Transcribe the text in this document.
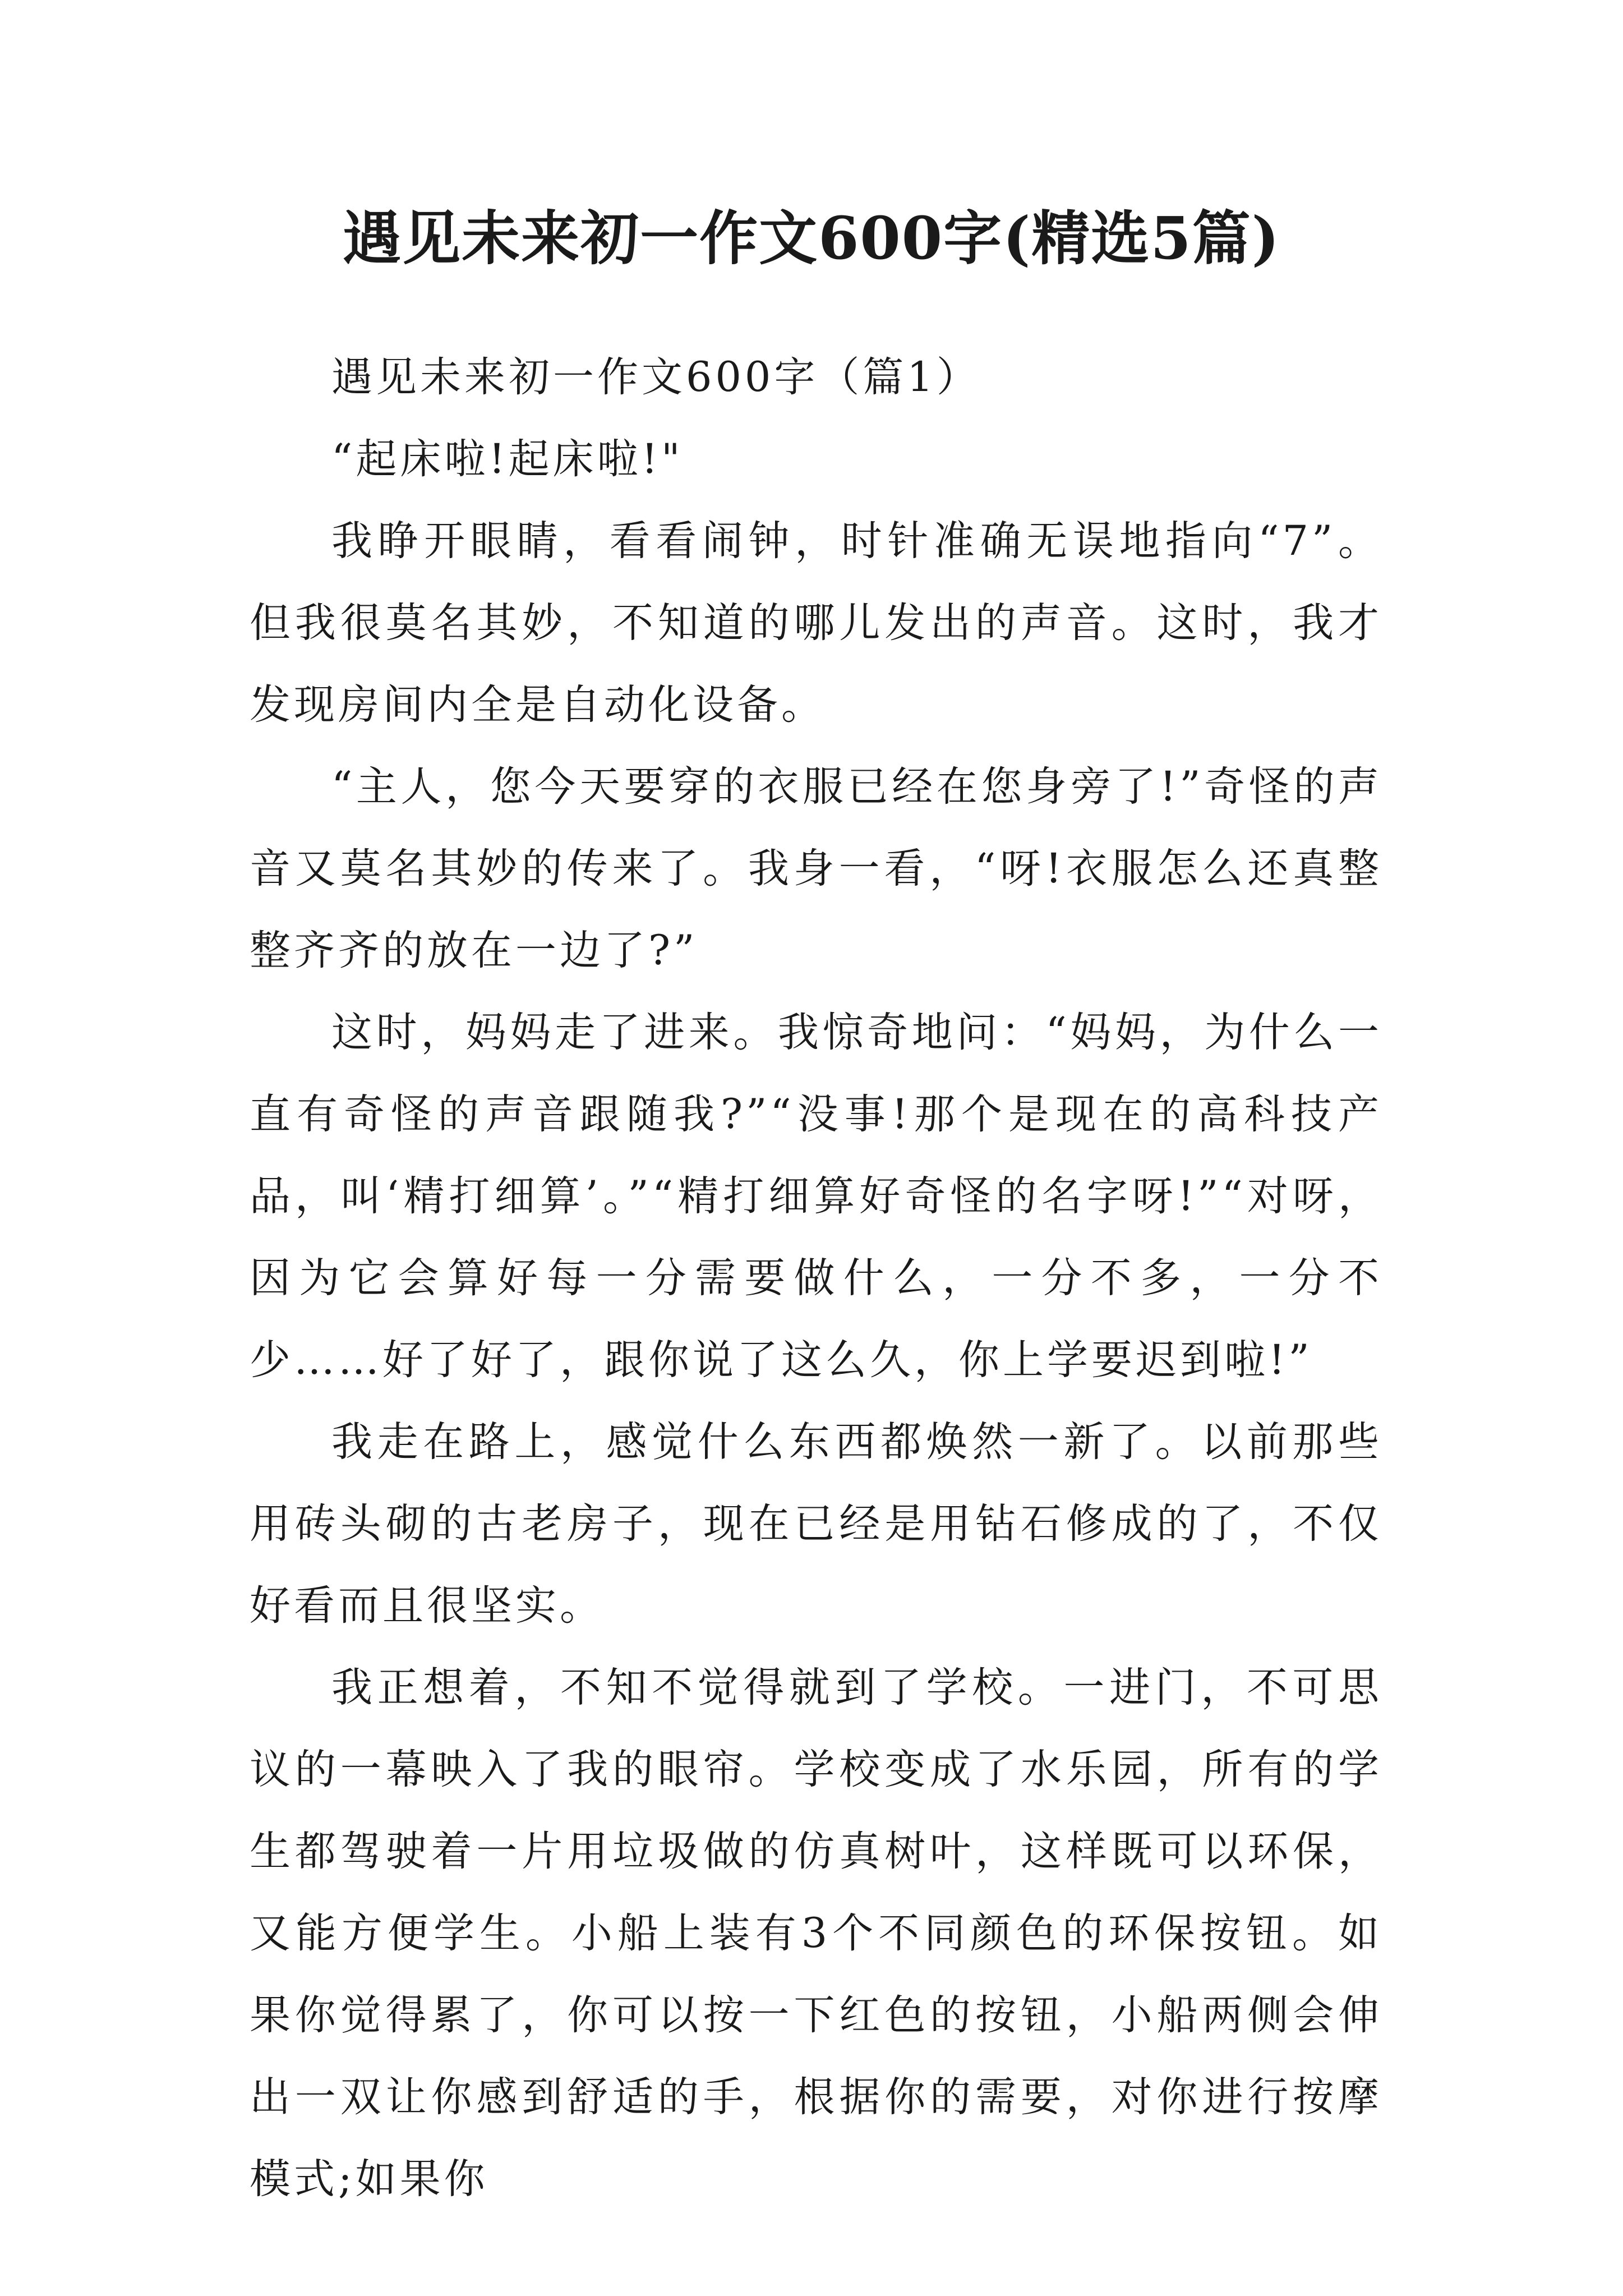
遇见未来初一作文600字(精选5篇)

遇见未来初一作文600字（篇1）

“起床啦!起床啦!"

我睁开眼睛，看看闹钟，时针准确无误地指向“7”。但我很莫名其妙，不知道的哪儿发出的声音。这时，我才发现房间内全是自动化设备。

“主人，您今天要穿的衣服已经在您身旁了!”奇怪的声音又莫名其妙的传来了。我身一看，“呀!衣服怎么还真整整齐齐的放在一边了?”

这时，妈妈走了进来。我惊奇地问：“妈妈，为什么一直有奇怪的声音跟随我?”“没事!那个是现在的高科技产品，叫‘精打细算’。”“精打细算好奇怪的名字呀!”“对呀，因为它会算好每一分需要做什么，一分不多，一分不少……好了好了，跟你说了这么久，你上学要迟到啦!”

我走在路上，感觉什么东西都焕然一新了。以前那些用砖头砌的古老房子，现在已经是用钻石修成的了，不仅好看而且很坚实。

我正想着，不知不觉得就到了学校。一进门，不可思议的一幕映入了我的眼帘。学校变成了水乐园，所有的学生都驾驶着一片用垃圾做的仿真树叶，这样既可以环保，又能方便学生。小船上装有3个不同颜色的环保按钮。如果你觉得累了，你可以按一下红色的按钮，小船两侧会伸出一双让你感到舒适的手，根据你的需要，对你进行按摩模式;如果你
